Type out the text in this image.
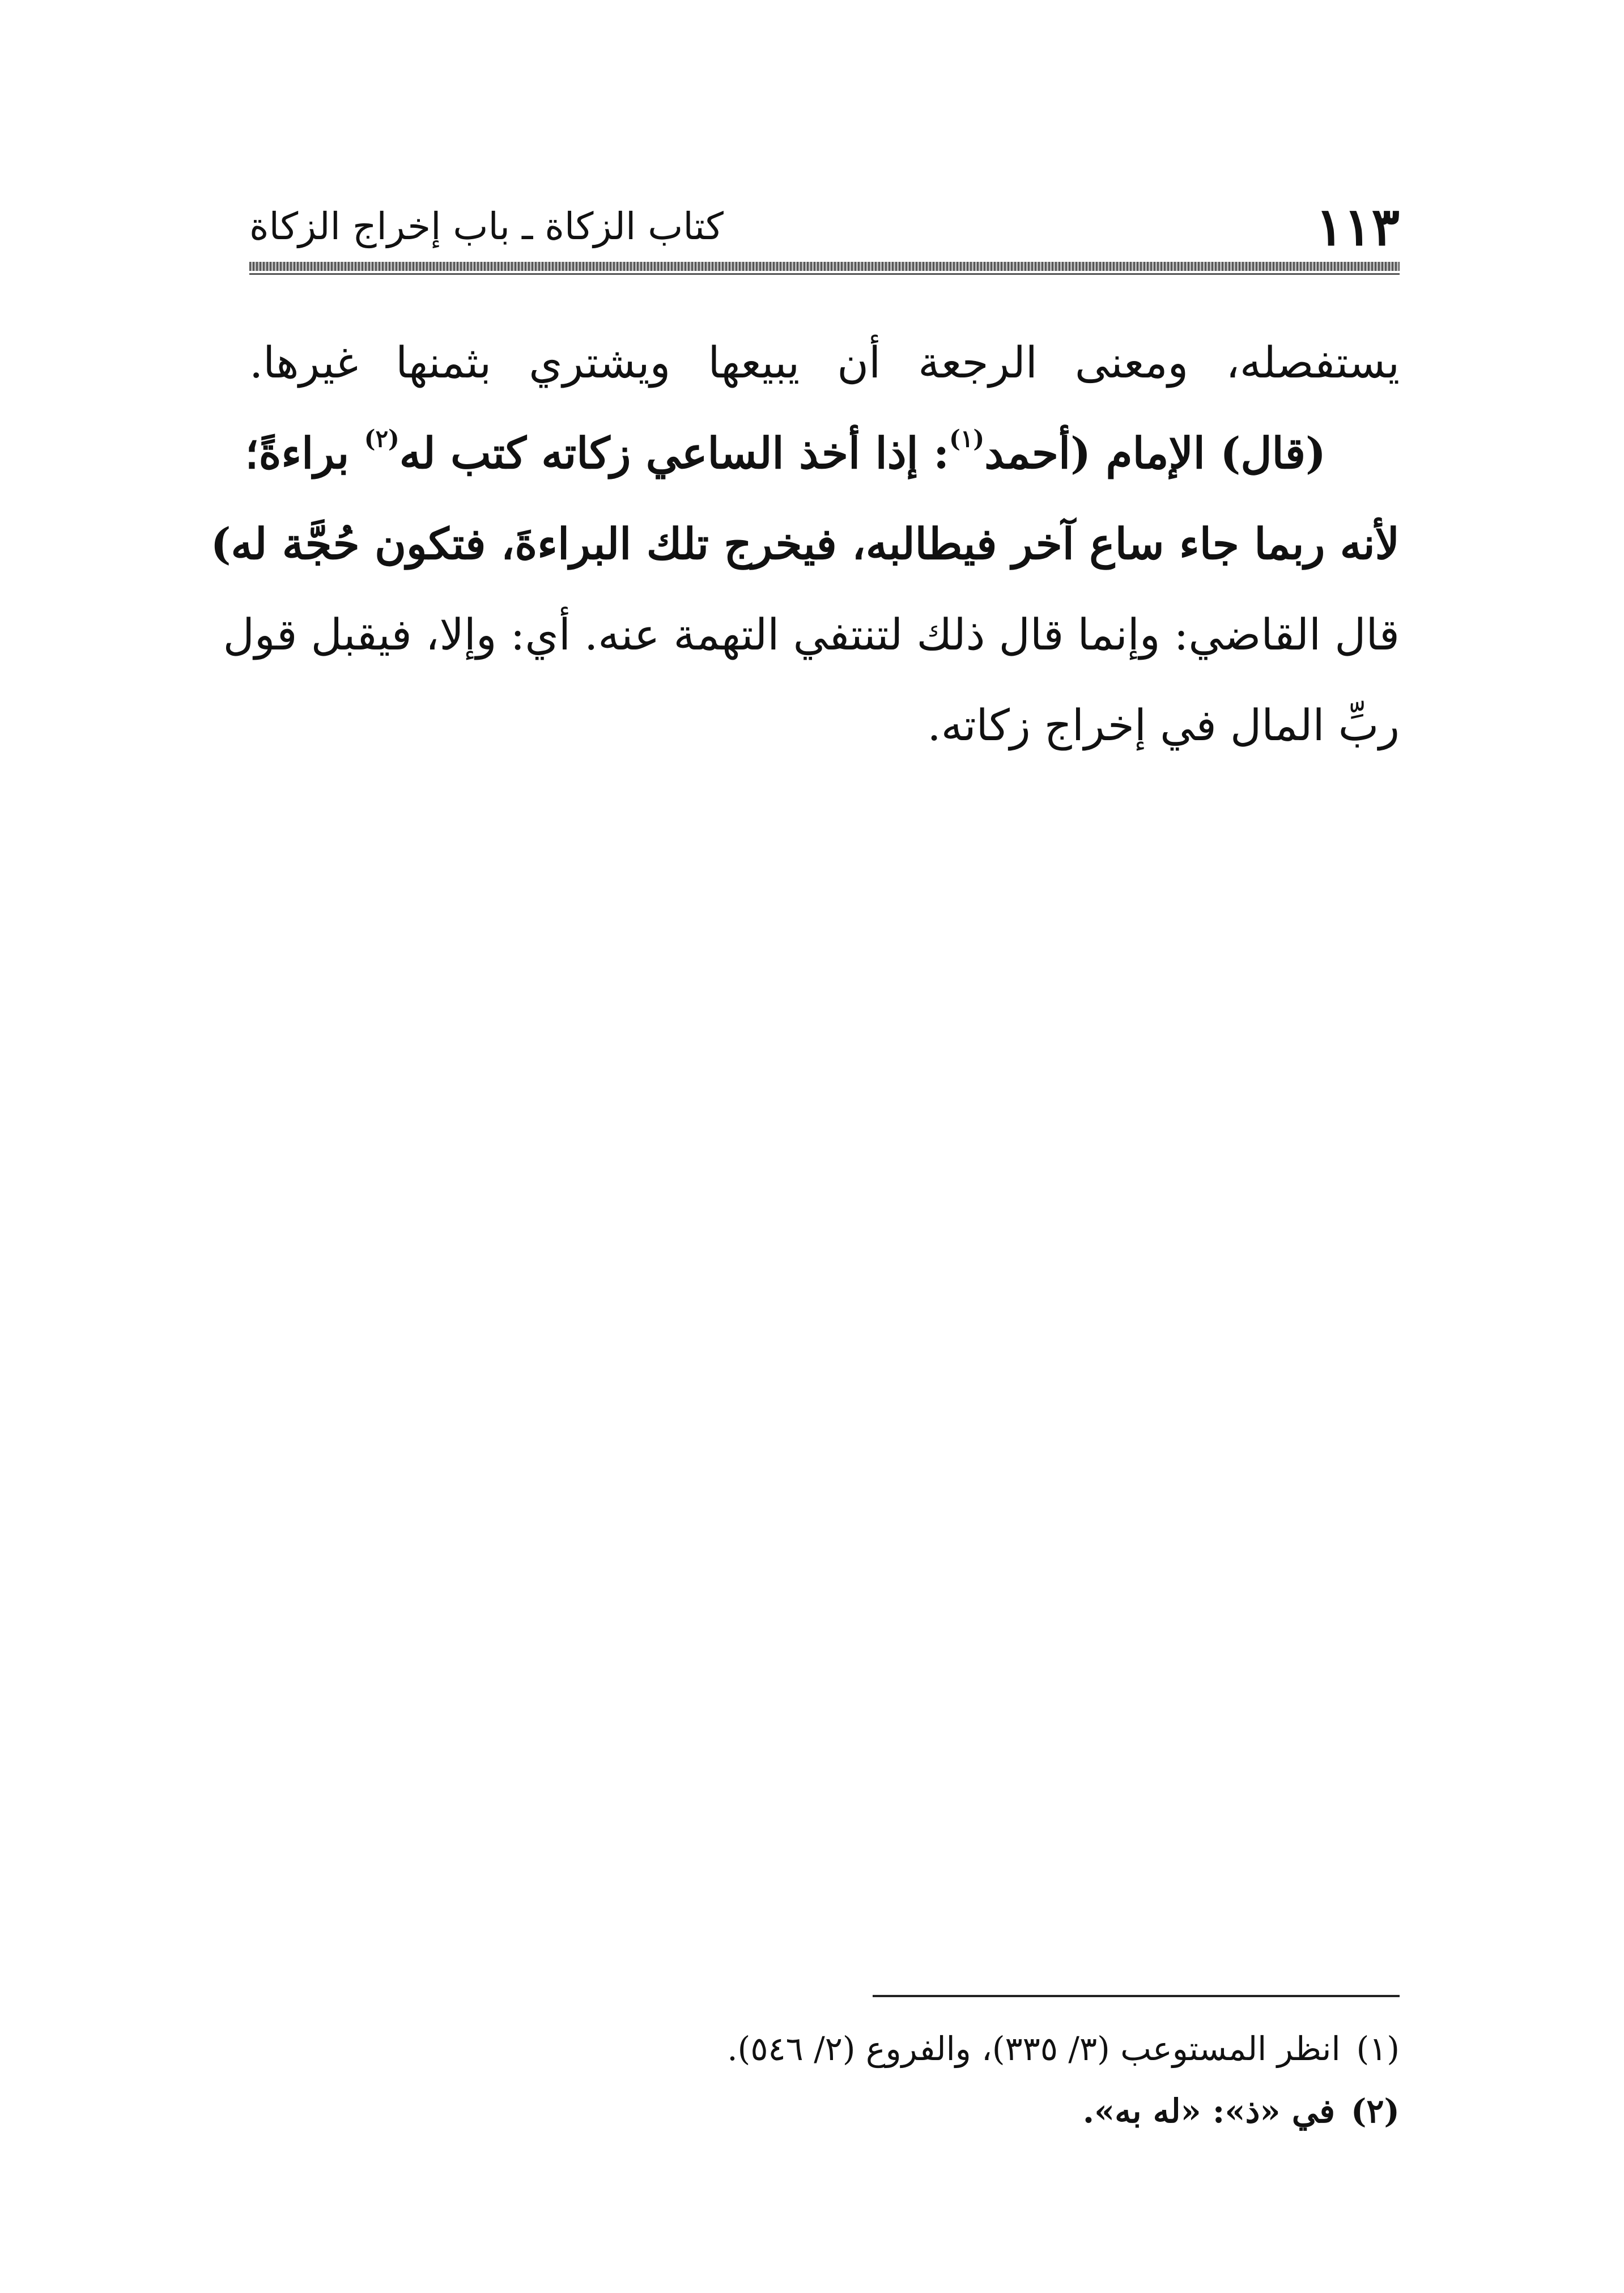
١١٣
كتاب الزكاة ـ باب إخراج الزكاة
يستفصله، ومعنى الرجعة أن يبيعها ويشتري بثمنها غيرها.
(قال) الإمام (أحمد$^{(١)}$: إذا أخذ الساعي زكاته كتب له$^{(٢)}$ براءةً؛
لأنه ربما جاء ساع آخر فيطالبه، فيخرج تلك البراءةَ، فتكون حُجَّة له)
قال القاضي: وإنما قال ذلك لتنتفي التهمة عنه. أي: وإلا، فيقبل قول
ربِّ المال في إخراج زكاته.
(١)انظر المستوعب (٣/ ٣٣٥)، والفروع (٢/ ٥٤٦).
(٢)في «ذ»: «له به».
